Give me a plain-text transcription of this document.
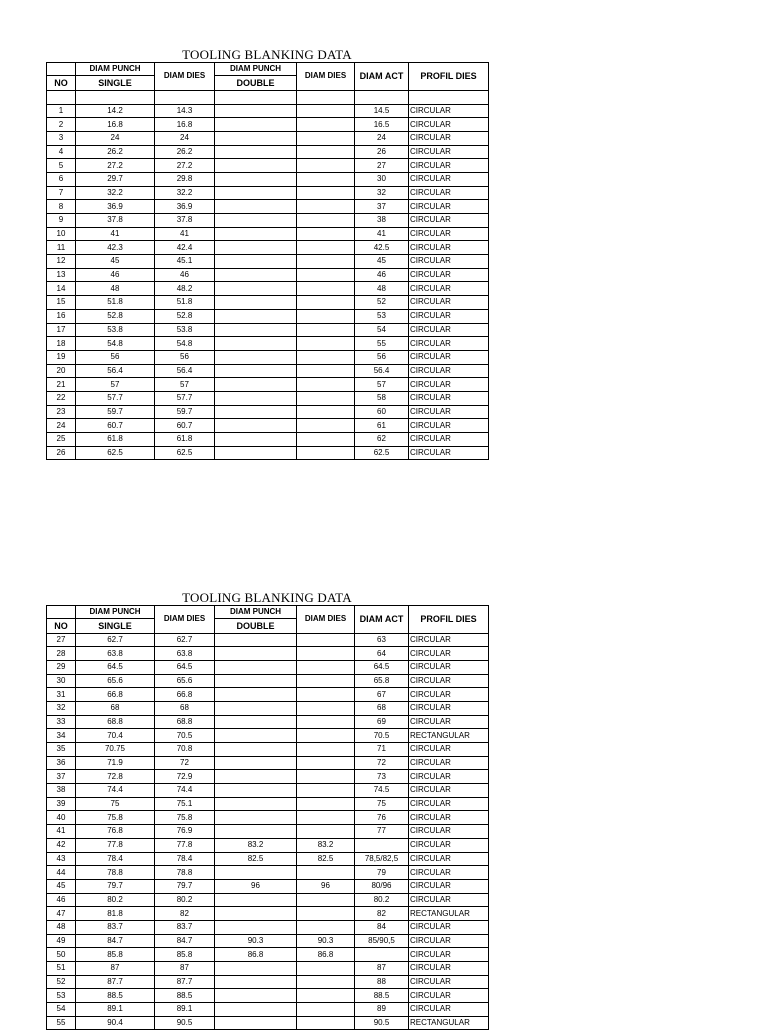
TOOLING BLANKING DATA
	DIAM PUNCH	DIAM DIES	DIAM PUNCH	DIAM DIES	DIAM ACT	PROFIL DIES
NO	SINGLE		DOUBLE			

1	14.2	14.3			14.5	CIRCULAR
2	16.8	16.8			16.5	CIRCULAR
3	24	24			24	CIRCULAR
4	26.2	26.2			26	CIRCULAR
5	27.2	27.2			27	CIRCULAR
6	29.7	29.8			30	CIRCULAR
7	32.2	32.2			32	CIRCULAR
8	36.9	36.9			37	CIRCULAR
9	37.8	37.8			38	CIRCULAR
10	41	41			41	CIRCULAR
11	42.3	42.4			42.5	CIRCULAR
12	45	45.1			45	CIRCULAR
13	46	46			46	CIRCULAR
14	48	48.2			48	CIRCULAR
15	51.8	51.8			52	CIRCULAR
16	52.8	52.8			53	CIRCULAR
17	53.8	53.8			54	CIRCULAR
18	54.8	54.8			55	CIRCULAR
19	56	56			56	CIRCULAR
20	56.4	56.4			56.4	CIRCULAR
21	57	57			57	CIRCULAR
22	57.7	57.7			58	CIRCULAR
23	59.7	59.7			60	CIRCULAR
24	60.7	60.7			61	CIRCULAR
25	61.8	61.8			62	CIRCULAR
26	62.5	62.5			62.5	CIRCULAR
TOOLING BLANKING DATA
	DIAM PUNCH	DIAM DIES	DIAM PUNCH	DIAM DIES	DIAM ACT	PROFIL DIES
NO	SINGLE		DOUBLE			
27	62.7	62.7			63	CIRCULAR
28	63.8	63.8			64	CIRCULAR
29	64.5	64.5			64.5	CIRCULAR
30	65.6	65.6			65.8	CIRCULAR
31	66.8	66.8			67	CIRCULAR
32	68	68			68	CIRCULAR
33	68.8	68.8			69	CIRCULAR
34	70.4	70.5			70.5	RECTANGULAR
35	70.75	70.8			71	CIRCULAR
36	71.9	72			72	CIRCULAR
37	72.8	72.9			73	CIRCULAR
38	74.4	74.4			74.5	CIRCULAR
39	75	75.1			75	CIRCULAR
40	75.8	75.8			76	CIRCULAR
41	76.8	76.9			77	CIRCULAR
42	77.8	77.8	83.2	83.2		CIRCULAR
43	78.4	78.4	82.5	82.5	78,5/82,5	CIRCULAR
44	78.8	78.8			79	CIRCULAR
45	79.7	79.7	96	96	80/96	CIRCULAR
46	80.2	80.2			80.2	CIRCULAR
47	81.8	82			82	RECTANGULAR
48	83.7	83.7			84	CIRCULAR
49	84.7	84.7	90.3	90.3	85/90,5	CIRCULAR
50	85.8	85.8	86.8	86.8		CIRCULAR
51	87	87			87	CIRCULAR
52	87.7	87.7			88	CIRCULAR
53	88.5	88.5			88.5	CIRCULAR
54	89.1	89.1			89	CIRCULAR
55	90.4	90.5			90.5	RECTANGULAR
